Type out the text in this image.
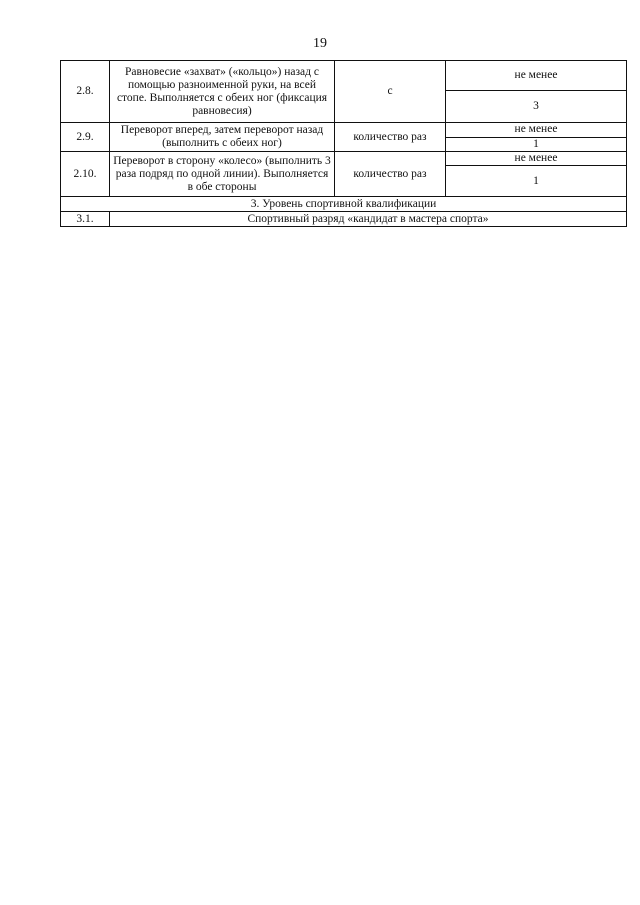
19
2.8.	Равновесие «захват» («кольцо») назад с помощью разноименной руки, на всей стопе. Выполняется с обеих ног (фиксация равновесия)	с	не менее
			3
2.9.	Переворот вперед, затем переворот назад (выполнить с обеих ног)	количество раз	не менее
			1
2.10.	Переворот в сторону «колесо» (выполнить 3 раза подряд по одной линии). Выполняется в обе стороны	количество раз	не менее
			1
3. Уровень спортивной квалификации			
3.1.	Спортивный разряд «кандидат в мастера спорта»		
